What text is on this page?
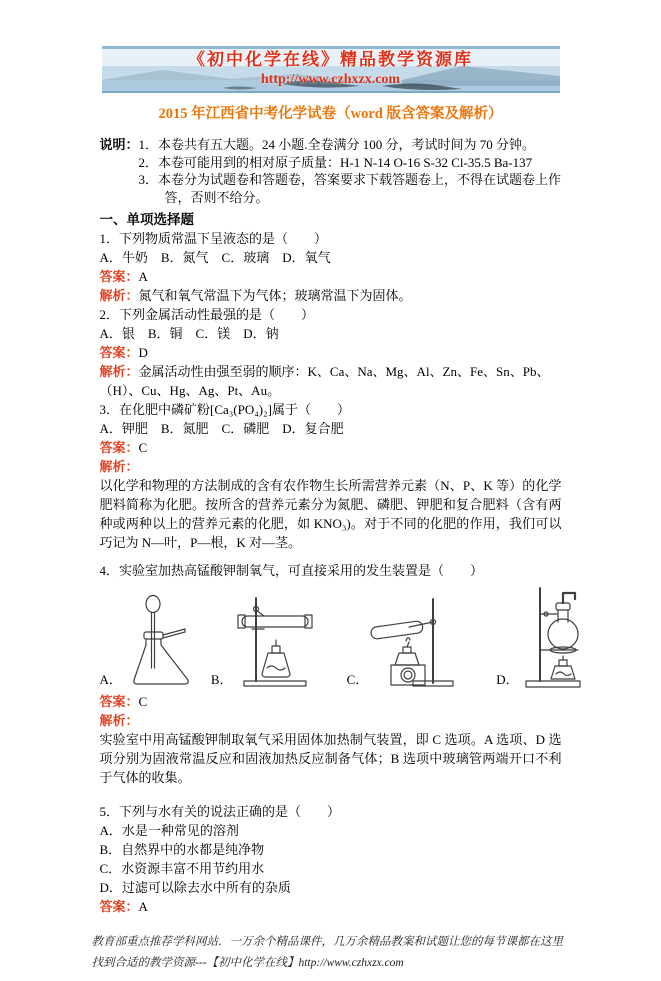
《初中化学在线》精品教学资源库
http://www.czhxzx.com
2015 年江西省中考化学试卷（word 版含答案及解析）
说明： 1．本卷共有五大题。24 小题.全卷满分 100 分，考试时间为 70 分钟。
2．本卷可能用到的相对原子质量：H-1 N-14 O-16 S-32 Cl-35.5 Ba-137
3．本卷分为试题卷和答题卷，答案要求下载答题卷上，不得在试题卷上作答，否则不给分。
一、单项选择题
1．下列物质常温下呈液态的是（　　）
A．牛奶　B．氮气　C．玻璃　D．氧气
答案：A
解析：氮气和氧气常温下为气体；玻璃常温下为固体。
2．下列金属活动性最强的是（　　）
A．银　B．铜　C．镁　D．钠
答案：D
解析：金属活动性由强至弱的顺序：K、Ca、Na、Mg、Al、Zn、Fe、Sn、Pb、（H）、Cu、Hg、Ag、Pt、Au。
3．在化肥中磷矿粉[Ca₃(PO₄)₂]属于（　　）
A．钾肥　B．氮肥　C．磷肥　D．复合肥
答案：C
解析：
以化学和物理的方法制成的含有农作物生长所需营养元素（N、P、K 等）的化学肥料简称为化肥。按所含的营养元素分为氮肥、磷肥、钾肥和复合肥料（含有两种或两种以上的营养元素的化肥，如 KNO₃)。对于不同的化肥的作用，我们可以巧记为 N—叶，P—根，K 对—茎。
4．实验室加热高锰酸钾制氧气，可直接采用的发生装置是（　　）
A．	B．	C．	D．
答案：C
解析：
实验室中用高锰酸钾制取氧气采用固体加热制气装置，即 C 选项。A 选项、D 选项分别为固液常温反应和固液加热反应制备气体；B 选项中玻璃管两端开口不利于气体的收集。
5．下列与水有关的说法正确的是（　　）
A．水是一种常见的溶剂
B．自然界中的水都是纯净物
C．水资源丰富不用节约用水
D．过滤可以除去水中所有的杂质
答案：A
教育部重点推荐学科网站．一万余个精品课件，几万余精品教案和试题让您的每节课都在这里找到合适的教学资源---【初中化学在线】http://www.czhxzx.com
